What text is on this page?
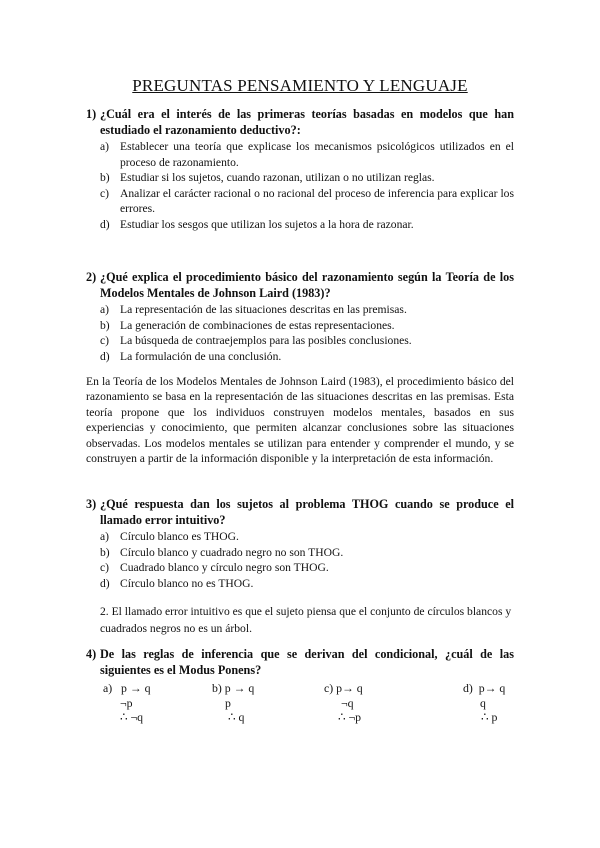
PREGUNTAS PENSAMIENTO Y LENGUAJE
1) ¿Cuál era el interés de las primeras teorías basadas en modelos que han estudiado el razonamiento deductivo?:
a) Establecer una teoría que explicase los mecanismos psicológicos utilizados en el proceso de razonamiento.
b) Estudiar si los sujetos, cuando razonan, utilizan o no utilizan reglas.
c) Analizar el carácter racional o no racional del proceso de inferencia para explicar los errores.
d) Estudiar los sesgos que utilizan los sujetos a la hora de razonar.
2) ¿Qué explica el procedimiento básico del razonamiento según la Teoría de los Modelos Mentales de Johnson Laird (1983)?
a) La representación de las situaciones descritas en las premisas.
b) La generación de combinaciones de estas representaciones.
c) La búsqueda de contraejemplos para las posibles conclusiones.
d) La formulación de una conclusión.
En la Teoría de los Modelos Mentales de Johnson Laird (1983), el procedimiento básico del razonamiento se basa en la representación de las situaciones descritas en las premisas. Esta teoría propone que los individuos construyen modelos mentales, basados en sus experiencias y conocimiento, que permiten alcanzar conclusiones sobre las situaciones observadas. Los modelos mentales se utilizan para entender y comprender el mundo, y se construyen a partir de la información disponible y la interpretación de esta información.
3) ¿Qué respuesta dan los sujetos al problema THOG cuando se produce el llamado error intuitivo?
a) Círculo blanco es THOG.
b) Círculo blanco y cuadrado negro no son THOG.
c) Cuadrado blanco y círculo negro son THOG.
d) Círculo blanco no es THOG.
2. El llamado error intuitivo es que el sujeto piensa que el conjunto de círculos blancos y cuadrados negros no es un árbol.
4) De las reglas de inferencia que se derivan del condicional, ¿cuál de las siguientes es el Modus Ponens?
a) p → q
¬p
∴ ¬q
b) p → q
p
∴ q
c) p→ q
¬q
∴ ¬p
d) p→ q
q
∴ p
